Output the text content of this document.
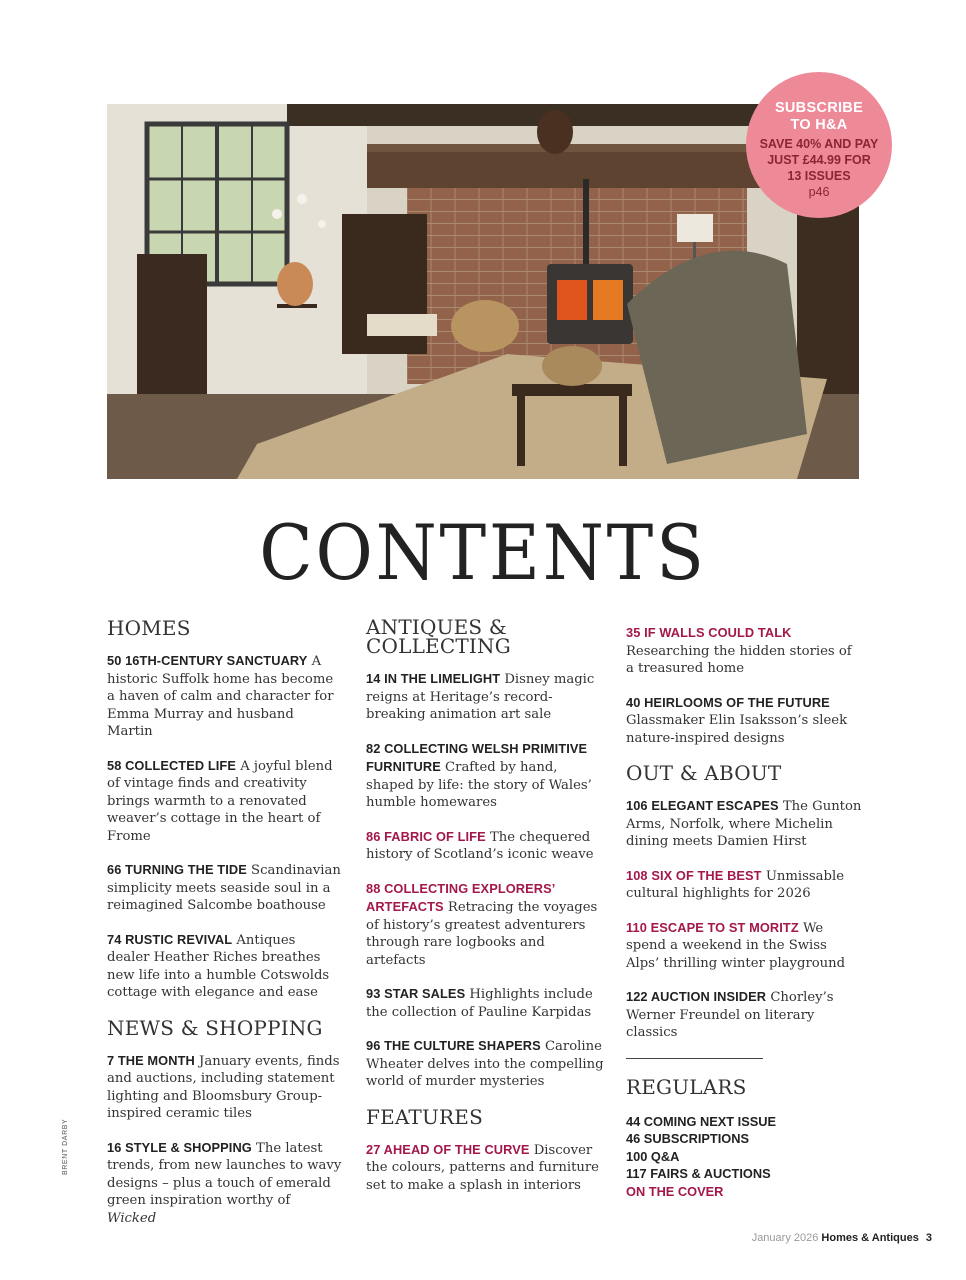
SUBSCRIBE TO H&A
SAVE 40% AND PAY JUST £44.99 FOR 13 ISSUES
p46
CONTENTS
HOMES

50 16TH-CENTURY SANCTUARY A historic Suffolk home has become a haven of calm and character for Emma Murray and husband Martin

58 COLLECTED LIFE A joyful blend of vintage finds and creativity brings warmth to a renovated weaver’s cottage in the heart of Frome

66 TURNING THE TIDE Scandinavian simplicity meets seaside soul in a reimagined Salcombe boathouse

74 RUSTIC REVIVAL Antiques dealer Heather Riches breathes new life into a humble Cotswolds cottage with elegance and ease

NEWS & SHOPPING

7 THE MONTH January events, finds and auctions, including statement lighting and Bloomsbury Group-inspired ceramic tiles

16 STYLE & SHOPPING The latest trends, from new launches to wavy designs – plus a touch of emerald green inspiration worthy of Wicked

ANTIQUES & COLLECTING

14 IN THE LIMELIGHT Disney magic reigns at Heritage’s record-breaking animation art sale

82 COLLECTING WELSH PRIMITIVE FURNITURE Crafted by hand, shaped by life: the story of Wales’ humble homewares

86 FABRIC OF LIFE The chequered history of Scotland’s iconic weave

88 COLLECTING EXPLORERS’ ARTEFACTS Retracing the voyages of history’s greatest adventurers through rare logbooks and artefacts

93 STAR SALES Highlights include the collection of Pauline Karpidas

96 THE CULTURE SHAPERS Caroline Wheater delves into the compelling world of murder mysteries

FEATURES

27 AHEAD OF THE CURVE Discover the colours, patterns and furniture set to make a splash in interiors

35 IF WALLS COULD TALK Researching the hidden stories of a treasured home

40 HEIRLOOMS OF THE FUTURE Glassmaker Elin Isaksson’s sleek nature-inspired designs

OUT & ABOUT

106 ELEGANT ESCAPES The Gunton Arms, Norfolk, where Michelin dining meets Damien Hirst

108 SIX OF THE BEST Unmissable cultural highlights for 2026

110 ESCAPE TO ST MORITZ We spend a weekend in the Swiss Alps’ thrilling winter playground

122 AUCTION INSIDER Chorley’s Werner Freundel on literary classics

REGULARS

44 COMING NEXT ISSUE

46 SUBSCRIPTIONS

100 Q&A

117 FAIRS & AUCTIONS

ON THE COVER

BRENT DARBY
January 2026 Homes & Antiques 3
